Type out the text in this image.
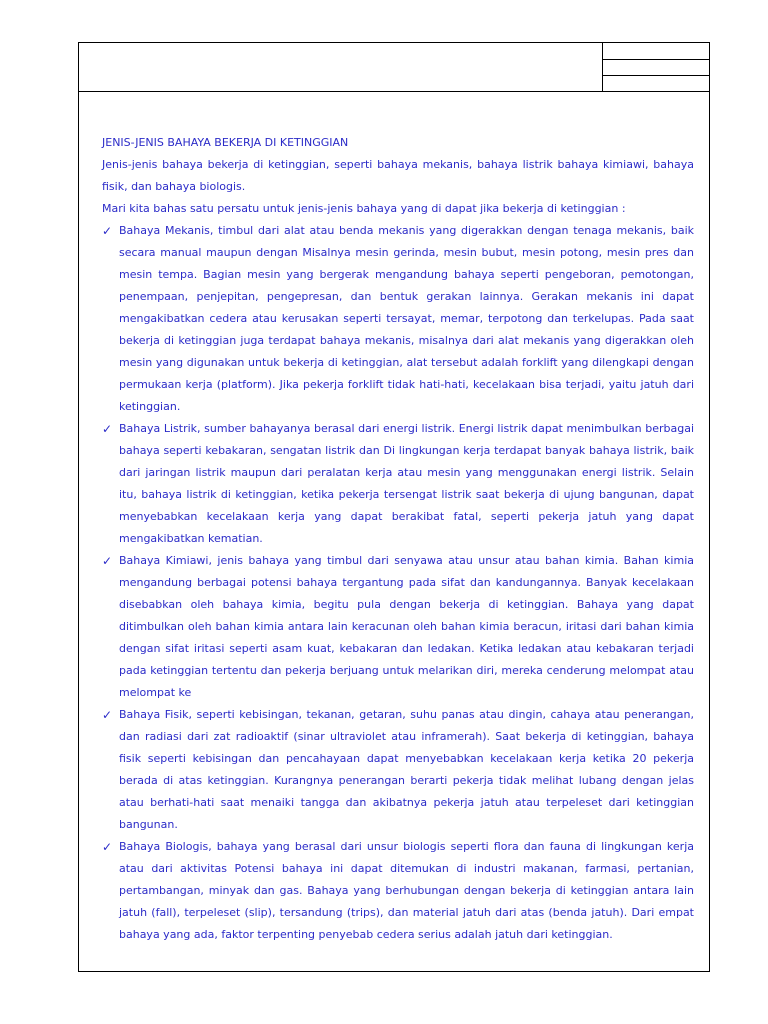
JENIS-JENIS BAHAYA BEKERJA DI KETINGGIAN

Jenis-jenis bahaya bekerja di ketinggian, seperti bahaya mekanis, bahaya listrik bahaya kimiawi, bahaya fisik, dan bahaya biologis.

Mari kita bahas satu persatu untuk jenis-jenis bahaya yang di dapat jika bekerja di ketinggian :

✓ Bahaya Mekanis, timbul dari alat atau benda mekanis yang digerakkan dengan tenaga mekanis, baik secara manual maupun dengan Misalnya mesin gerinda, mesin bubut, mesin potong, mesin pres dan mesin tempa. Bagian mesin yang bergerak mengandung bahaya seperti pengeboran, pemotongan, penempaan, penjepitan, pengepresan, dan bentuk gerakan lainnya. Gerakan mekanis ini dapat mengakibatkan cedera atau kerusakan seperti tersayat, memar, terpotong dan terkelupas. Pada saat bekerja di ketinggian juga terdapat bahaya mekanis, misalnya dari alat mekanis yang digerakkan oleh mesin yang digunakan untuk bekerja di ketinggian, alat tersebut adalah forklift yang dilengkapi dengan permukaan kerja (platform). Jika pekerja forklift tidak hati-hati, kecelakaan bisa terjadi, yaitu jatuh dari ketinggian.
✓ Bahaya Listrik, sumber bahayanya berasal dari energi listrik. Energi listrik dapat menimbulkan berbagai bahaya seperti kebakaran, sengatan listrik dan Di lingkungan kerja terdapat banyak bahaya listrik, baik dari jaringan listrik maupun dari peralatan kerja atau mesin yang menggunakan energi listrik. Selain itu, bahaya listrik di ketinggian, ketika pekerja tersengat listrik saat bekerja di ujung bangunan, dapat menyebabkan kecelakaan kerja yang dapat berakibat fatal, seperti pekerja jatuh yang dapat mengakibatkan kematian.
✓ Bahaya Kimiawi, jenis bahaya yang timbul dari senyawa atau unsur atau bahan kimia. Bahan kimia mengandung berbagai potensi bahaya tergantung pada sifat dan kandungannya. Banyak kecelakaan disebabkan oleh bahaya kimia, begitu pula dengan bekerja di ketinggian. Bahaya yang dapat ditimbulkan oleh bahan kimia antara lain keracunan oleh bahan kimia beracun, iritasi dari bahan kimia dengan sifat iritasi seperti asam kuat, kebakaran dan ledakan. Ketika ledakan atau kebakaran terjadi pada ketinggian tertentu dan pekerja berjuang untuk melarikan diri, mereka cenderung melompat atau melompat ke
✓ Bahaya Fisik, seperti kebisingan, tekanan, getaran, suhu panas atau dingin, cahaya atau penerangan, dan radiasi dari zat radioaktif (sinar ultraviolet atau inframerah). Saat bekerja di ketinggian, bahaya fisik seperti kebisingan dan pencahayaan dapat menyebabkan kecelakaan kerja ketika 20 pekerja berada di atas ketinggian. Kurangnya penerangan berarti pekerja tidak melihat lubang dengan jelas atau berhati-hati saat menaiki tangga dan akibatnya pekerja jatuh atau terpeleset dari ketinggian bangunan.
✓ Bahaya Biologis, bahaya yang berasal dari unsur biologis seperti flora dan fauna di lingkungan kerja atau dari aktivitas Potensi bahaya ini dapat ditemukan di industri makanan, farmasi, pertanian, pertambangan, minyak dan gas. Bahaya yang berhubungan dengan bekerja di ketinggian antara lain jatuh (fall), terpeleset (slip), tersandung (trips), dan material jatuh dari atas (benda jatuh). Dari empat bahaya yang ada, faktor terpenting penyebab cedera serius adalah jatuh dari ketinggian.
